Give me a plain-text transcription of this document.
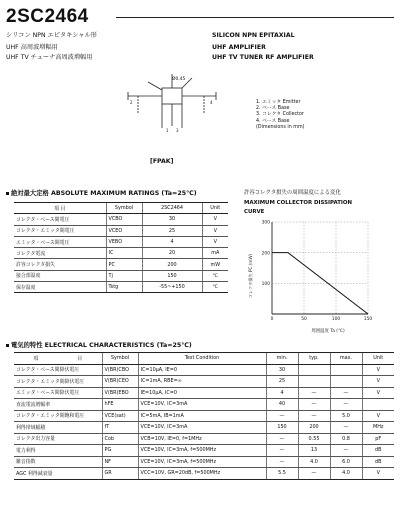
2SC2464
シリコン NPN エピタキシャル形	SILICON NPN EPITAXIAL
UHF 高周波増幅用	UHF AMPLIFIER
UHF TV チューナ高周波増幅用	UHF TV TUNER RF AMPLIFIER
1
2
3
4
Ø0.45
1. エミッタ Emitter
2. ベース Base
3. コレクタ Collector
4. ベース Base
(Dimensions in mm)
[FPAK]
絶対最大定格 ABSOLUTE MAXIMUM RATINGS (Ta=25℃)
項 目	Symbol	2SC2464	Unit
コレクタ・ベース間電圧	VCBO	30	V
コレクタ・エミッタ間電圧	VCEO	25	V
エミッタ・ベース間電圧	VEBO	4	V
コレクタ電流	IC	20	mA
許容コレクタ損失	PC	200	mW
接合部温度	Tj	150	℃
保存温度	Tstg	-55~+150	℃
許容コレクタ損失の周囲温度による変化
MAXIMUM COLLECTOR DISSIPATION
CURVE
300
200
100
0	50	100	150
コレクタ損失 PC (mW)
周囲温度 Ta (℃)
電気的特性 ELECTRICAL CHARACTERISTICS (Ta=25℃)
項	目	Symbol	Test Condition	min.	typ.	max.	Unit
コレクタ・ベース間降伏電圧		V(BR)CBO	IC=10μA, IE=0	30			V
コレクタ・エミッタ間降伏電圧		V(BR)CEO	IC=1mA, RBE=∞	25			V
エミッタ・ベース間降伏電圧		V(BR)EBO	IE=10μA, IC=0	4	—	—	V
直流電流増幅率		hFE	VCE=10V, IC=3mA	40	—	—	
コレクタ・エミッタ間飽和電圧		VCE(sat)	IC=5mA, IB=1mA	—	—	5.0	V
利得帯域幅積		fT	VCE=10V, IC=3mA	150	200	—	MHz
コレクタ出力容量		Cob	VCB=10V, IE=0, f=1MHz	—	0.55	0.8	pF
電力利得		PG	VCE=10V, IC=3mA, f=500MHz	—	13	—	dB
雑音指数		NF	VCE=10V, IC=3mA, f=500MHz	—	4.0	6.0	dB
AGC 利得減衰量		GR	VCC=10V, GR=20dB, f=500MHz	5.5	—	4.0	V
